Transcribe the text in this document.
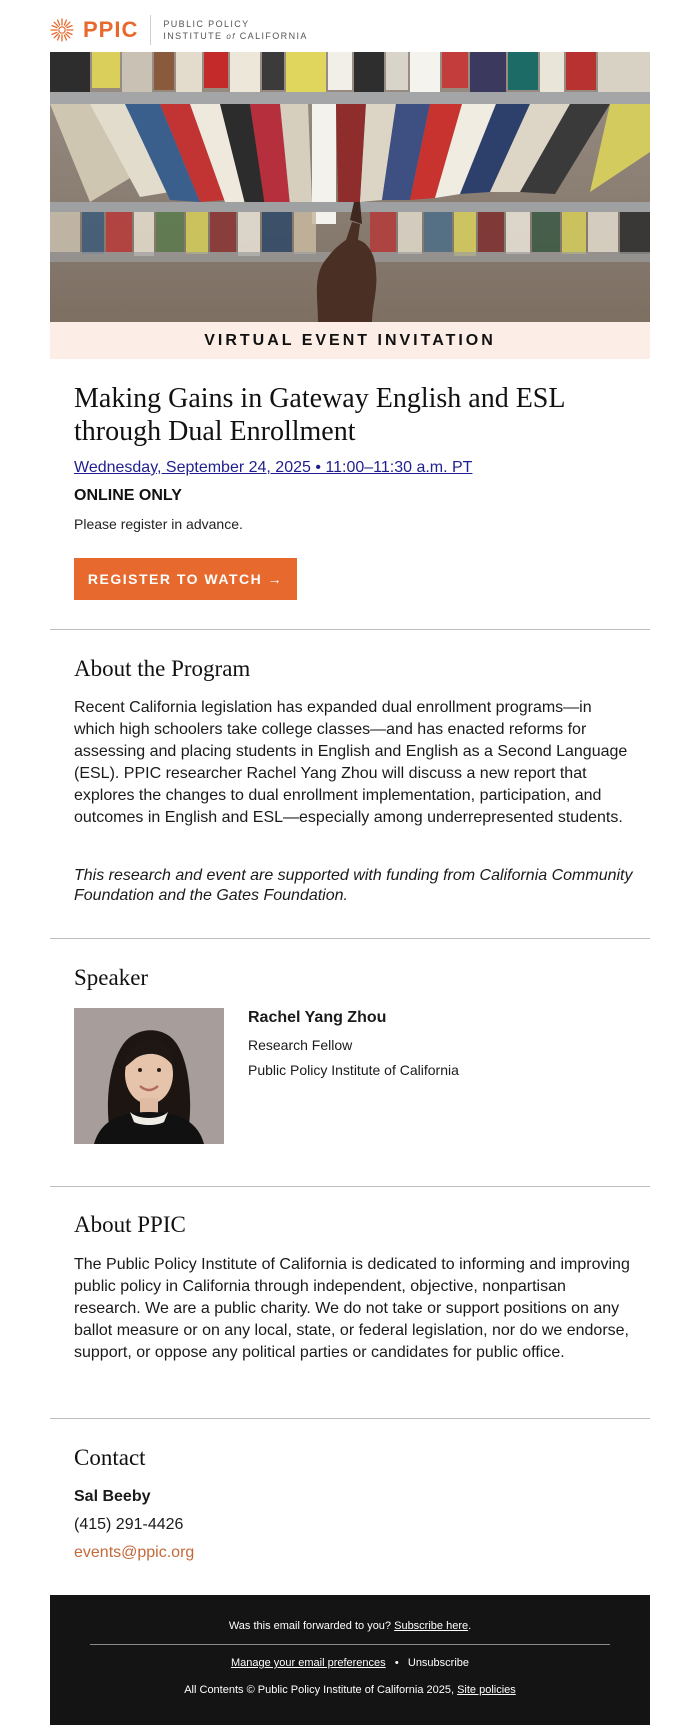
PPIC	PUBLIC POLICY
INSTITUTE of CALIFORNIA
VIRTUAL EVENT INVITATION
Making Gains in Gateway English and ESL
through Dual Enrollment
Wednesday, September 24, 2025 • 11:00–11:30 a.m. PT
ONLINE ONLY
Please register in advance.
REGISTER TO WATCH →
About the Program
Recent California legislation has expanded dual enrollment programs—in which high schoolers take college classes—and has enacted reforms for assessing and placing students in English and English as a Second Language (ESL). PPIC researcher Rachel Yang Zhou will discuss a new report that explores the changes to dual enrollment implementation, participation, and outcomes in English and ESL—especially among underrepresented students.
This research and event are supported with funding from California Community Foundation and the Gates Foundation.
Speaker
Rachel Yang Zhou
Research Fellow
Public Policy Institute of California
About PPIC
The Public Policy Institute of California is dedicated to informing and improving public policy in California through independent, objective, nonpartisan research. We are a public charity. We do not take or support positions on any ballot measure or on any local, state, or federal legislation, nor do we endorse, support, or oppose any political parties or candidates for public office.
Contact
Sal Beeby
(415) 291-4426
events@ppic.org
Was this email forwarded to you? Subscribe here.
Manage your email preferences • Unsubscribe
All Contents © Public Policy Institute of California 2025, Site policies
